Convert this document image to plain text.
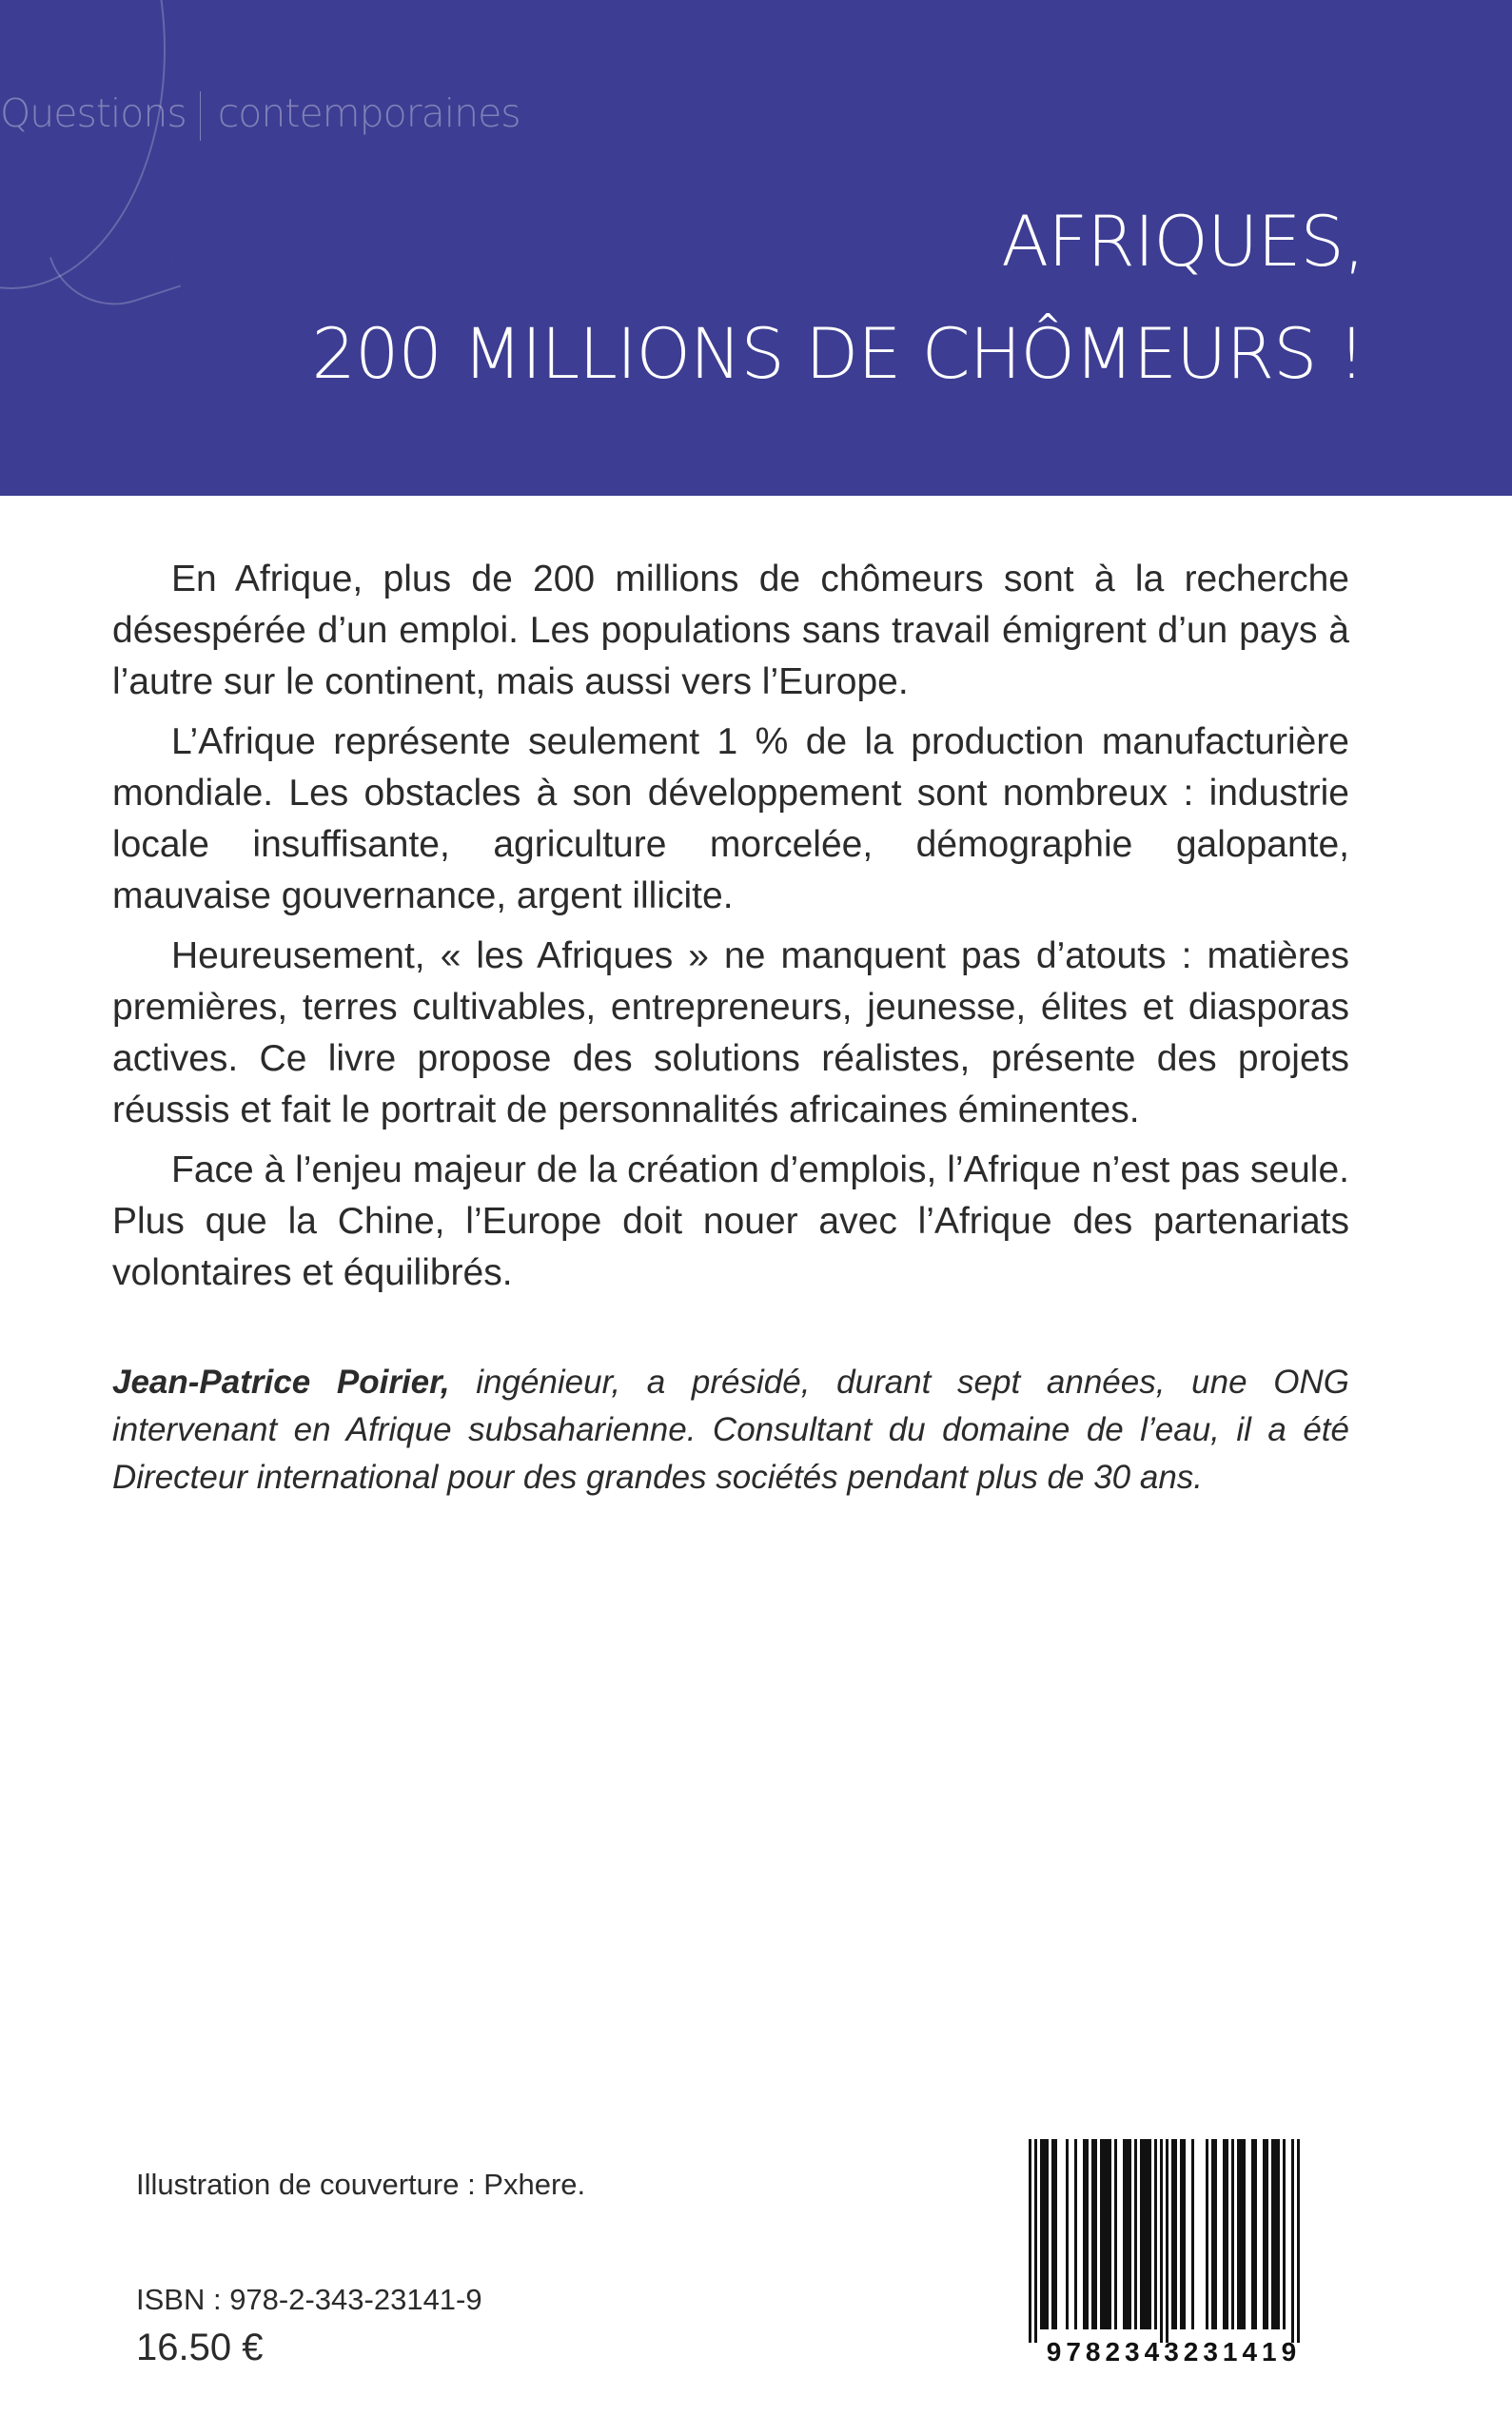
Questions contemporaines
AFRIQUES,
200 MILLIONS DE CHÔMEURS !

En Afrique, plus de 200 millions de chômeurs sont à la recherche désespérée d’un emploi. Les populations sans travail émigrent d’un pays à l’autre sur le continent, mais aussi vers l’Europe.

L’Afrique représente seulement 1 % de la production manufacturière mondiale. Les obstacles à son développement sont nombreux : industrie locale insuffisante, agriculture morcelée, démographie galopante, mauvaise gouvernance, argent illicite.

Heureusement, « les Afriques » ne manquent pas d’atouts : matières premières, terres cultivables, entrepreneurs, jeunesse, élites et diasporas actives. Ce livre propose des solutions réalistes, présente des projets réussis et fait le portrait de personnalités africaines éminentes.

Face à l’enjeu majeur de la création d’emplois, l’Afrique n’est pas seule. Plus que la Chine, l’Europe doit nouer avec l’Afrique des partenariats volontaires et équilibrés.

Jean-Patrice Poirier, ingénieur, a présidé, durant sept années, une ONG intervenant en Afrique subsaharienne. Consultant du domaine de l’eau, il a été Directeur international pour des grandes sociétés pendant plus de 30 ans.
Illustration de couverture : Pxhere.
ISBN : 978-2-343-23141-9
16.50 €	9782343231419
